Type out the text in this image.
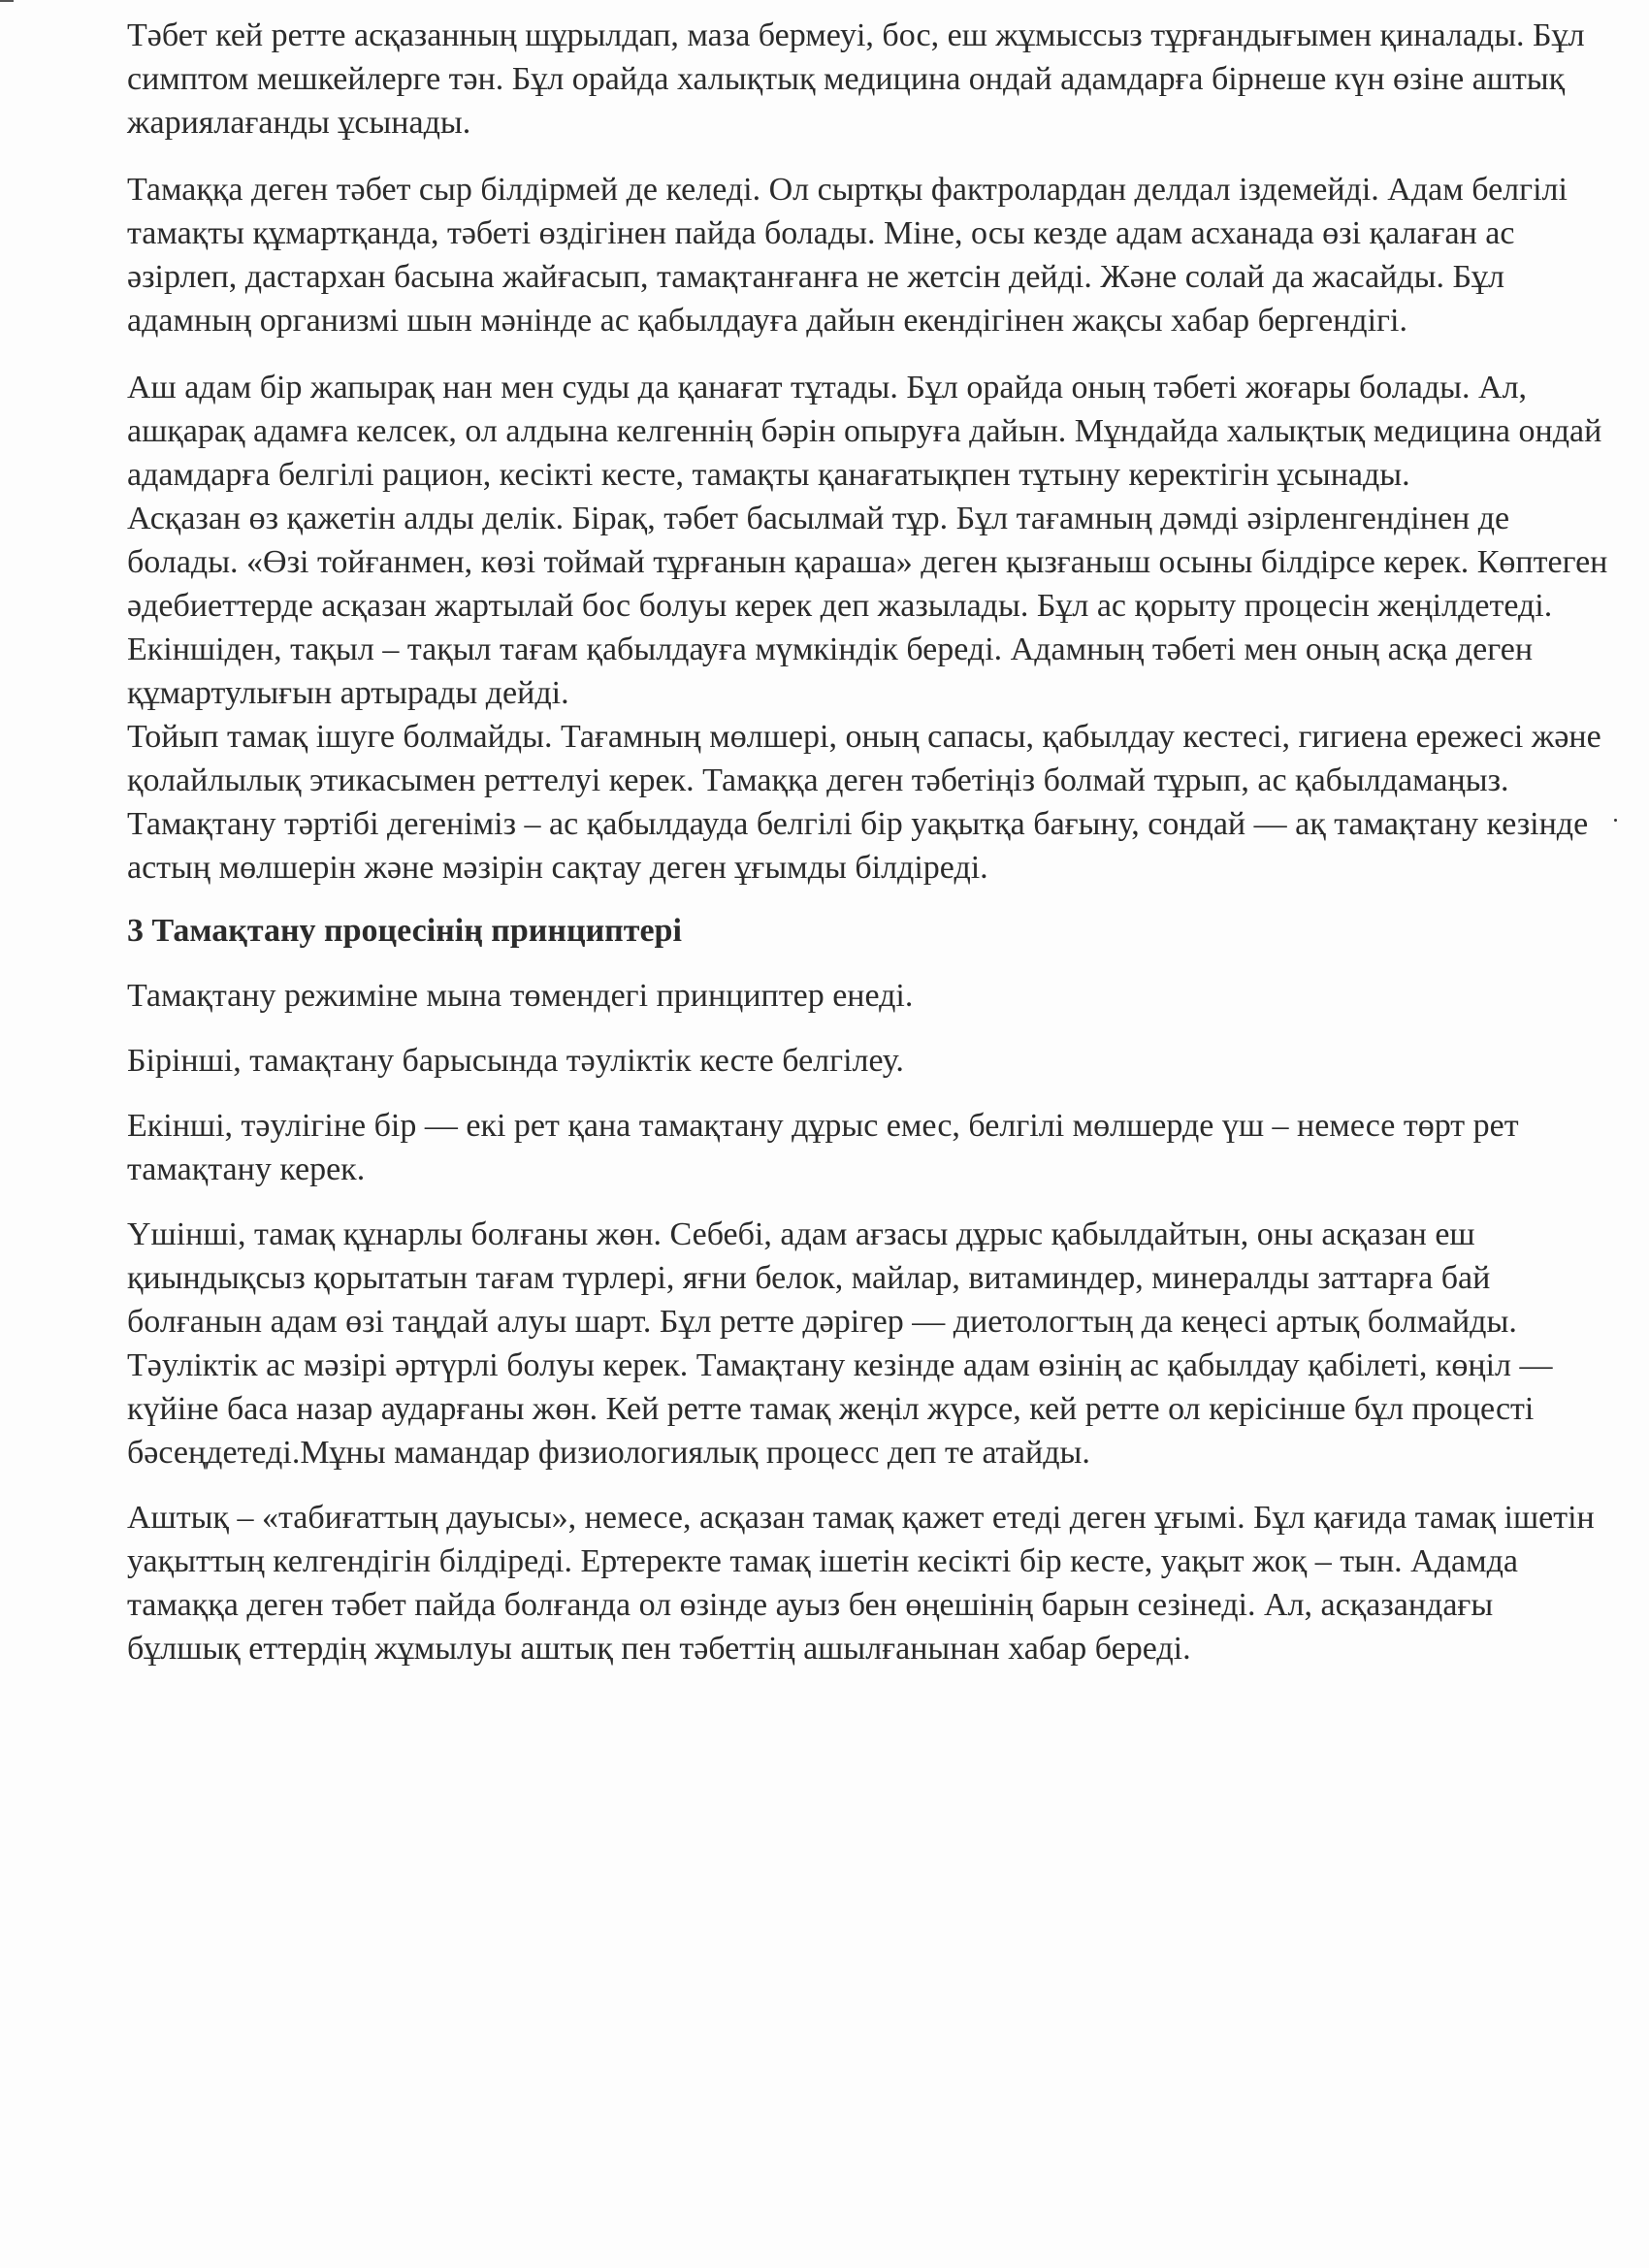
Тәбет кей ретте асқазанның шұрылдап, маза бермеуі, бос, еш жұмыссыз тұрғандығымен қиналады. Бұл симптом мешкейлерге тән. Бұл орайда халықтық медицина ондай адамдарға бірнеше күн өзіне аштық жариялағанды ұсынады.

Тамаққа деген тәбет сыр білдірмей де келеді. Ол сыртқы фактролардан делдал іздемейді. Адам белгілі тамақты құмартқанда, тәбеті өздігінен пайда болады. Міне, осы кезде адам асханада өзі қалаған ас әзірлеп, дастархан басына жайғасып, тамақтанғанға не жетсін дейді. Және солай да жасайды. Бұл адамның организмі шын мәнінде ас қабылдауға дайын екендігінен жақсы хабар бергендігі.

Аш адам бір жапырақ нан мен суды да қанағат тұтады. Бұл орайда оның тәбеті жоғары болады. Ал, ашқарақ адамға келсек, ол алдына келгеннің бәрін опыруға дайын. Мұндайда халықтық медицина ондай адамдарға белгілі рацион, кесікті кесте, тамақты қанағатықпен тұтыну керектігін ұсынады.

Асқазан өз қажетін алды делік. Бірақ, тәбет басылмай тұр. Бұл тағамның дәмді әзірленгендінен де болады. «Өзі тойғанмен, көзі тоймай тұрғанын қараша» деген қызғаныш осыны білдірсе керек. Көптеген әдебиеттерде асқазан жартылай бос болуы керек деп жазылады. Бұл ас қорыту процесін жеңілдетеді. Екіншіден, тақыл – тақыл тағам қабылдауға мүмкіндік береді. Адамның тәбеті мен оның асқа деген құмартулығын артырады дейді.

Тойып тамақ ішуге болмайды. Тағамның мөлшері, оның сапасы, қабылдау кестесі, гигиена ережесі және қолайлылық этикасымен реттелуі керек. Тамаққа деген тәбетіңіз болмай тұрып, ас қабылдамаңыз. Тамақтану тәртібі дегеніміз – ас қабылдауда белгілі бір уақытқа бағыну, сондай — ақ тамақтану кезінде астың мөлшерін және мәзірін сақтау деген ұғымды білдіреді.

3 Тамақтану процесінің принциптері

Тамақтану режиміне мына төмендегі принциптер енеді.

Бірінші, тамақтану барысында тәуліктік кесте белгілеу.

Екінші, тәулігіне бір — екі рет қана тамақтану дұрыс емес, белгілі мөлшерде үш – немесе төрт рет тамақтану керек.

Үшінші, тамақ құнарлы болғаны жөн. Себебі, адам ағзасы дұрыс қабылдайтын, оны асқазан еш қиындықсыз қорытатын тағам түрлері, яғни белок, майлар, витаминдер, минералды заттарға бай болғанын адам өзі таңдай алуы шарт. Бұл ретте дәрігер — диетологтың да кеңесі артық болмайды. Тәуліктік ас мәзірі әртүрлі болуы керек. Тамақтану кезінде адам өзінің ас қабылдау қабілеті, көңіл — күйіне баса назар аударғаны жөн. Кей ретте тамақ жеңіл жүрсе, кей ретте ол керісінше бұл процесті бәсеңдетеді.Мұны мамандар физиологиялық процесс деп те атайды.

Аштық – «табиғаттың дауысы», немесе, асқазан тамақ қажет етеді деген ұғымі. Бұл қағида тамақ ішетін уақыттың келгендігін білдіреді. Ертеректе тамақ ішетін кесікті бір кесте, уақыт жоқ – тын. Адамда тамаққа деген тәбет пайда болғанда ол өзінде ауыз бен өңешінің барын сезінеді. Ал, асқазандағы бұлшық еттердің жұмылуы аштық пен тәбеттің ашылғанынан хабар береді.
